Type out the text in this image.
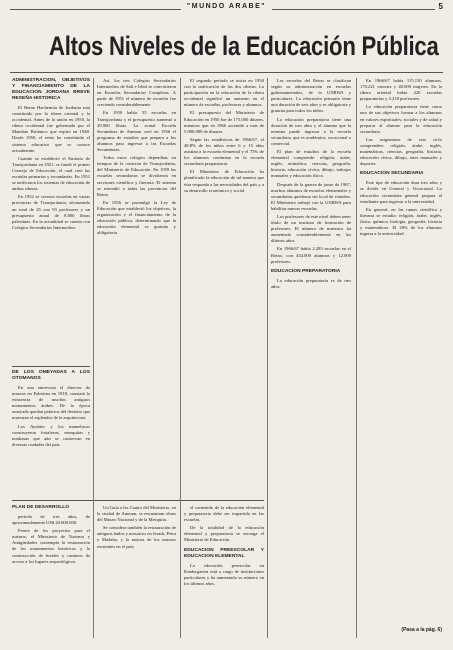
"MUNDO ARABE"	5
Altos Niveles de la Educación Pública
ADMINISTRACION, OBJETIVOS Y FINANCIAMIENTO DE LA EDUCACION JORDANA BREVE RESEÑA HISTORICA

El Reino Hachemita de Jordania está constituido por la ribera oriental y la occidental. Antes de la unión en 1950, la ribera occidental fue gobernada por el Mandato Británico que expiró en 1948. Desde 1950, el reino ha constituido el sistema educativo que se conoce actualmente.

Cuando se estableció el Emirato de Transjordania en 1921, se fundó el primer Consejo de Educación, el cual creó las escuelas primarias y secundarias. En 1951 se unificaron los sistemas de educación de ambas riberas.

En 1952 se crearon escuelas en varias provincias de Transjordania, alcanzando un total de 25 con 93 profesores y un presupuesto anual de 8.000 libras palestinas. En la actualidad se cuenta con Colegios Secundarios Intermedios.

DE LOS OMEYADAS A LOS OTOMANOS

En una entrevista el director de museos en Palestina en 1918, constató la existencia de muchos antiguos monumentos árabes. De la época omeyada quedan palacios del desierto que muestran el esplendor de la arquitectura.

Los Ayubíes y los mamelucos construyeron fortalezas, mezquitas y madrasas que aún se conservan en diversas ciudades del país.

Así, los tres Colegios Secundarios Intermedios de Salt e Irbid se convirtieron en Escuelas Secundarias Completas. A partir de 1951 el número de escuelas fue creciendo considerablemente.

En 1950 había 55 escuelas en Transjordania y el presupuesto aumentó a 29.000 libras. La actual Escuela Secundaria de Amman creó en 1956 el programa de estudios que prepara a los alumnos para ingresar a las Escuelas Secundarias.

Todos estos colegios dependían, en tiempos de la creación de Transjordania, del Ministerio de Educación. En 1959 las escuelas secundarias se dividieron en secciones científica y literaria. El sistema se extendió a todas las provincias del Reino.

En 1956 se promulgó la Ley de Educación que estableció los objetivos, la organización y el financiamiento de la educación pública, determinando que la educación elemental es gratuita y obligatoria.

El segundo período se inicia en 1950 con la unificación de las dos riberas. La participación en la educación de la ribera occidental significó un aumento en el número de escuelas, profesores y alumnos.

El presupuesto del Ministerio de Educación en 1950 fue de 175.000 dinares, mientras que en 1966 ascendió a más de 5.000.000 de dinares.

Según las estadísticas de 1966/67, el 48,8% de los niños entre 6 y 15 años asistían a la escuela elemental y el 75% de los alumnos continúan en la escuela secundaria preparatoria.

El Ministerio de Educación ha planificado la educación de tal manera que ésta responda a las necesidades del país y a su desarrollo económico y social.

Las escuelas del Reino se clasifican según su administración en escuelas gubernamentales, de la UNRWA y particulares. La educación primaria tiene una duración de seis años y es obligatoria y gratuita para todos los niños.

La educación preparatoria tiene una duración de tres años y el alumno que la termina puede ingresar a la escuela secundaria, que es académica, vocacional o comercial.

El plan de estudios de la escuela elemental comprende: religión, árabe, inglés, aritmética, ciencias, geografía, historia, educación cívica, dibujo, trabajos manuales y educación física.

Después de la guerra de junio de 1967, muchos alumnos de escuelas elementales y secundarias quedaron sin local de estudios. El Ministerio trabajó con la UNRWA para habilitar nuevas escuelas.

Los profesores de este nivel deben tener título de un instituto de formación de profesores. El número de maestros ha aumentado considerablemente en los últimos años.

En 1966/67 había 2.283 escuelas en el Reino, con 434.000 alumnos y 12.000 profesores.

EDUCACION PREPARATORIA

La educación preparatoria es de tres años.

En 1966/67 había 115.150 alumnos, 170.221 varones y 40.000 mujeres. En la ribera oriental había 420 escuelas preparatorias y 3.218 profesores.

La educación preparatoria tiene como uno de sus objetivos formar a los alumnos en valores espirituales, sociales y de salud y preparar al alumno para la educación secundaria.

Las asignaturas de este ciclo comprenden: religión, árabe, inglés, matemáticas, ciencias, geografía, historia, educación cívica, dibujo, artes manuales y deportes.

EDUCACION SECUNDARIA

Este tipo de educación dura tres años y se divide en General y Vocacional. La educación secundaria general prepara al estudiante para ingresar a la universidad.

En general, en las ramas científica y literaria se estudia: religión, árabe, inglés, física, química, biología, geografía, historia y matemáticas. El 20% de los alumnos ingresa a la universidad.

(Pasa a la pág. 6)
PLAN DE DESARROLLO

período de tres años, de aproximadamente US$ 20.000.000.

Frente de los proyectos para el turismo, el Ministerio de Turismo y Antigüedades contempla la restauración de los monumentos históricos y la construcción de hoteles y caminos de acceso a los lugares arqueológicos.

Un Guía a las Cuatro del Ministerio, en la ciudad de Amman, se encuentran obras del Museo Nacional y de la Mezquita.

Se considera también la restauración de antiguos baños y mosaicos en Jerash, Petra y Madaba, y la mejora de los museos existentes en el país.

el contenido de la educación elemental y preparatoria debe ser impartida en las escuelas.

De la totalidad de la educación elemental y preparatoria se encarga el Ministerio de Educación.

EDUCACION PREESCOLAR Y EDUCACION ELEMENTAL

La educación preescolar en Kindergarten está a cargo de instituciones particulares y ha aumentado su número en los últimos años.
